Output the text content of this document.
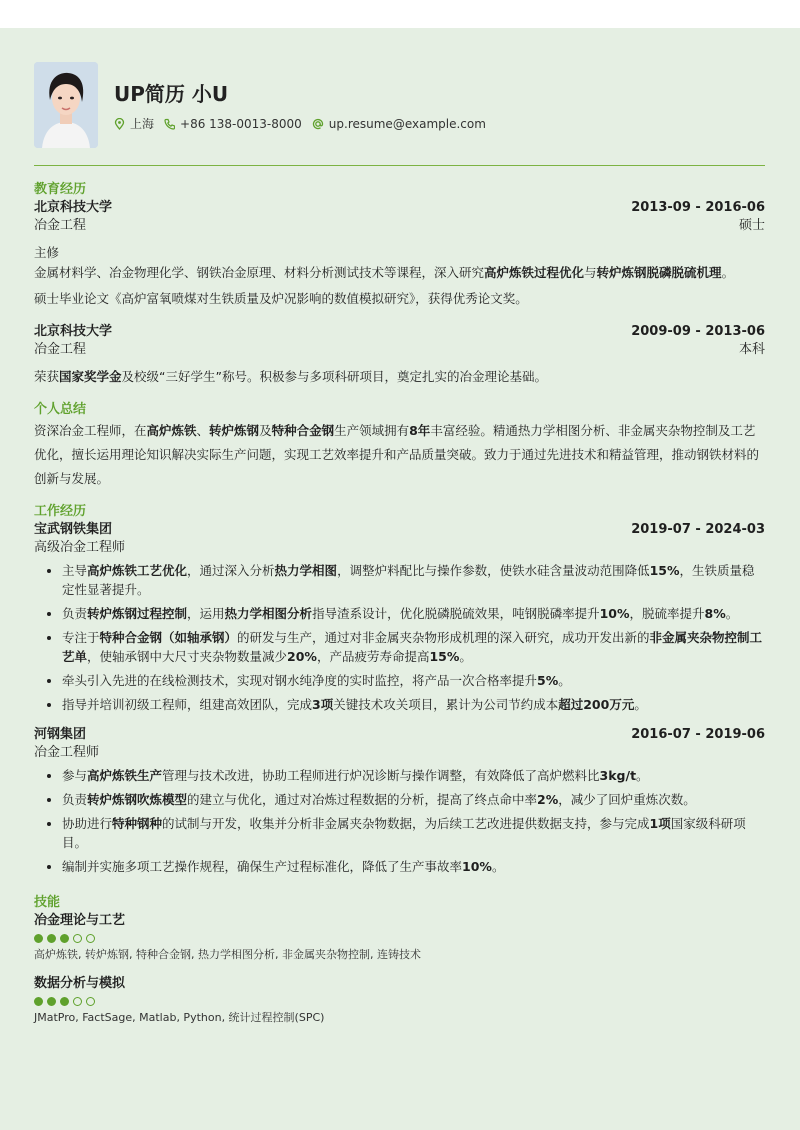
UP简历 小U
上海 +86 138-0013-8000 up.resume@example.com
教育经历
北京科技大学	2013-09 - 2016-06
冶金工程	硕士

主修

金属材料学、冶金物理化学、钢铁冶金原理、材料分析测试技术等课程，深入研究高炉炼铁过程优化与转炉炼钢脱磷脱硫机理。

硕士毕业论文《高炉富氧喷煤对生铁质量及炉况影响的数值模拟研究》，获得优秀论文奖。

北京科技大学	2009-09 - 2013-06
冶金工程	本科

荣获国家奖学金及校级“三好学生”称号。积极参与多项科研项目，奠定扎实的冶金理论基础。

个人总结

资深冶金工程师，在高炉炼铁、转炉炼钢及特种合金钢生产领域拥有8年丰富经验。精通热力学相图分析、非金属夹杂物控制及工艺优化，擅长运用理论知识解决实际生产问题，实现工艺效率提升和产品质量突破。致力于通过先进技术和精益管理，推动钢铁材料的创新与发展。

工作经历
宝武钢铁集团	2019-07 - 2024-03
高级冶金工程师
• 主导高炉炼铁工艺优化，通过深入分析热力学相图，调整炉料配比与操作参数，使铁水硅含量波动范围降低15%，生铁质量稳定性显著提升。
• 负责转炉炼钢过程控制，运用热力学相图分析指导渣系设计，优化脱磷脱硫效果，吨钢脱磷率提升10%，脱硫率提升8%。
• 专注于特种合金钢（如轴承钢）的研发与生产，通过对非金属夹杂物形成机理的深入研究，成功开发出新的非金属夹杂物控制工艺单，使轴承钢中大尺寸夹杂物数量减少20%，产品疲劳寿命提高15%。
• 牵头引入先进的在线检测技术，实现对钢水纯净度的实时监控，将产品一次合格率提升5%。
• 指导并培训初级工程师，组建高效团队，完成3项关键技术攻关项目，累计为公司节约成本超过200万元。
河钢集团	2016-07 - 2019-06
冶金工程师
• 参与高炉炼铁生产管理与技术改进，协助工程师进行炉况诊断与操作调整，有效降低了高炉燃料比3kg/t。
• 负责转炉炼钢吹炼模型的建立与优化，通过对冶炼过程数据的分析，提高了终点命中率2%，减少了回炉重炼次数。
• 协助进行特种钢种的试制与开发，收集并分析非金属夹杂物数据，为后续工艺改进提供数据支持，参与完成1项国家级科研项目。
• 编制并实施多项工艺操作规程，确保生产过程标准化，降低了生产事故率10%。
技能
冶金理论与工艺
高炉炼铁, 转炉炼钢, 特种合金钢, 热力学相图分析, 非金属夹杂物控制, 连铸技术
数据分析与模拟
JMatPro, FactSage, Matlab, Python, 统计过程控制(SPC)
